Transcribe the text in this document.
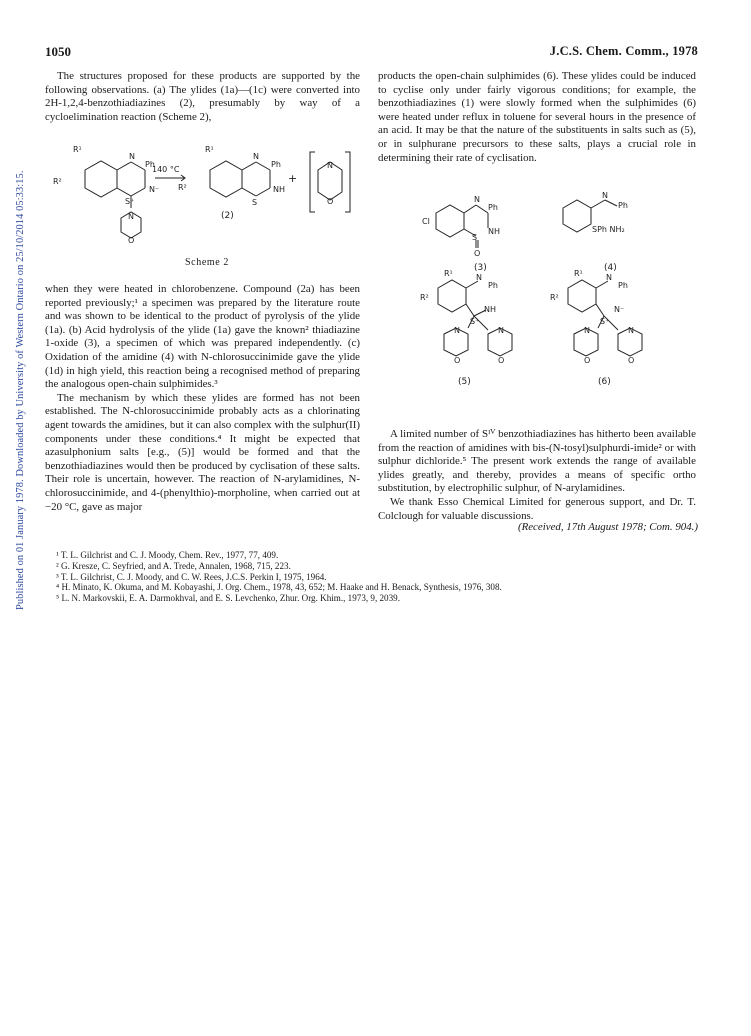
Published on 01 January 1978. Downloaded by University of Western Ontario on 25/10/2014 05:33:15.
1050	J.C.S. Chem. Comm., 1978

The structures proposed for these products are supported by the following observations. (a) The ylides (1a)—(1c) were converted into 2H-1,2,4-benzothiadiazines (2), presumably by way of a cycloelimination reaction (Scheme 2),

R¹
R²
N
Ph
N⁻
S⁺
N
O
140 °C
R¹
R²
N
Ph
NH
S
(2)
+
N
O
Scheme 2

when they were heated in chlorobenzene. Compound (2a) has been reported previously;¹ a specimen was prepared by the literature route and was shown to be identical to the product of pyrolysis of the ylide (1a). (b) Acid hydrolysis of the ylide (1a) gave the known² thiadiazine 1-oxide (3), a specimen of which was prepared independently. (c) Oxidation of the amidine (4) with N-chlorosuccinimide gave the ylide (1d) in high yield, this reaction being a recognised method of preparing the analogous open-chain sulphimides.³

The mechanism by which these ylides are formed has not been established. The N-chlorosuccinimide probably acts as a chlorinating agent towards the amidines, but it can also complex with the sulphur(II) components under these conditions.⁴ It might be expected that azasulphonium salts [e.g., (5)] would be formed and that the benzothiadiazines would then be produced by cyclisation of these salts. Their role is uncertain, however. The reaction of N-arylamidines, N-chlorosuccinimide, and 4-(phenylthio)-morpholine, when carried out at −20 °C, gave as major

products the open-chain sulphimides (6). These ylides could be induced to cyclise only under fairly vigorous conditions; for example, the benzothiadiazines (1) were slowly formed when the sulphimides (6) were heated under reflux in toluene for several hours in the presence of an acid. It may be that the nature of the substituents in salts such as (5), or in sulphurane precursors to these salts, plays a crucial role in determining their rate of cyclisation.

Cl
N
Ph
NH
S
O
(3)
N
Ph
SPh NH₂
(4)
R¹
R²
N
Ph
NH
S⁺
N	N
O	O
(5)
R¹
R²
N
Ph
N⁻
S⁺
N	N
O	O
(6)

A limited number of Sᴵⱽ benzothiadiazines has hitherto been available from the reaction of amidines with bis-(N-tosyl)sulphurdi-imide² or with sulphur dichloride.⁵ The present work extends the range of available ylides greatly, and thereby, provides a means of specific ortho substitution, by electrophilic sulphur, of N-arylamidines.

We thank Esso Chemical Limited for generous support, and Dr. T. Colclough for valuable discussions.

(Received, 17th August 1978; Com. 904.)
¹ T. L. Gilchrist and C. J. Moody, Chem. Rev., 1977, 77, 409.
² G. Kresze, C. Seyfried, and A. Trede, Annalen, 1968, 715, 223.
³ T. L. Gilchrist, C. J. Moody, and C. W. Rees, J.C.S. Perkin I, 1975, 1964.
⁴ H. Minato, K. Okuma, and M. Kobayashi, J. Org. Chem., 1978, 43, 652; M. Haake and H. Benack, Synthesis, 1976, 308.
⁵ L. N. Markovskii, E. A. Darmokhval, and E. S. Levchenko, Zhur. Org. Khim., 1973, 9, 2039.
